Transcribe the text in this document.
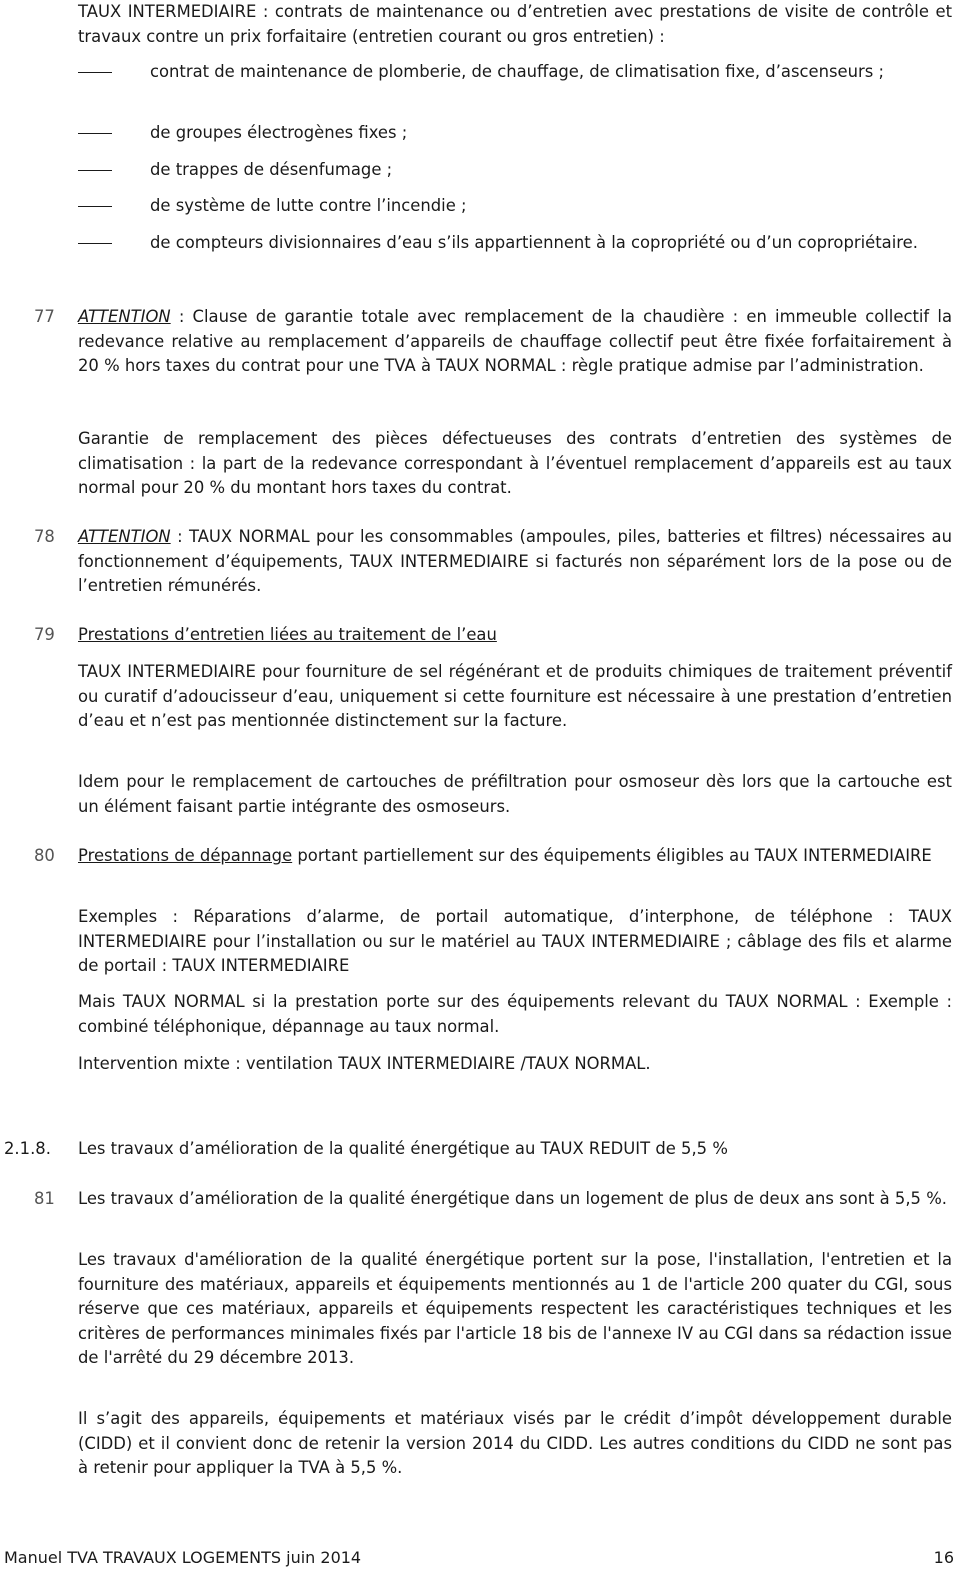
TAUX INTERMEDIAIRE : contrats de maintenance ou d’entretien avec prestations de visite de contrôle et travaux contre un prix forfaitaire (entretien courant ou gros entretien) :
contrat de maintenance de plomberie, de chauffage, de climatisation fixe, d’ascenseurs ;
de groupes électrogènes fixes ;
de trappes de désenfumage ;
de système de lutte contre l’incendie ;
de compteurs divisionnaires d’eau s’ils appartiennent à la copropriété ou d’un copropriétaire.
77 ATTENTION : Clause de garantie totale avec remplacement de la chaudière : en immeuble collectif la redevance relative au remplacement d’appareils de chauffage collectif peut être fixée forfaitairement à 20 % hors taxes du contrat pour une TVA à TAUX NORMAL : règle pratique admise par l’administration.
Garantie de remplacement des pièces défectueuses des contrats d’entretien des systèmes de climatisation : la part de la redevance correspondant à l’éventuel remplacement d’appareils est au taux normal pour 20 % du montant hors taxes du contrat.
78 ATTENTION : TAUX NORMAL pour les consommables (ampoules, piles, batteries et filtres) nécessaires au fonctionnement d’équipements, TAUX INTERMEDIAIRE si facturés non séparément lors de la pose ou de l’entretien rémunérés.
79 Prestations d’entretien liées au traitement de l’eau
TAUX INTERMEDIAIRE pour fourniture de sel régénérant et de produits chimiques de traitement préventif ou curatif d’adoucisseur d’eau, uniquement si cette fourniture est nécessaire à une prestation d’entretien d’eau et n’est pas mentionnée distinctement sur la facture.
Idem pour le remplacement de cartouches de préfiltration pour osmoseur dès lors que la cartouche est un élément faisant partie intégrante des osmoseurs.
80 Prestations de dépannage portant partiellement sur des équipements éligibles au TAUX INTERMEDIAIRE
Exemples : Réparations d’alarme, de portail automatique, d’interphone, de téléphone : TAUX INTERMEDIAIRE pour l’installation ou sur le matériel au TAUX INTERMEDIAIRE ; câblage des fils et alarme de portail : TAUX INTERMEDIAIRE
Mais TAUX NORMAL si la prestation porte sur des équipements relevant du TAUX NORMAL : Exemple : combiné téléphonique, dépannage au taux normal.
Intervention mixte : ventilation TAUX INTERMEDIAIRE /TAUX NORMAL.
2.1.8. Les travaux d’amélioration de la qualité énergétique au TAUX REDUIT de 5,5 %
81 Les travaux d’amélioration de la qualité énergétique dans un logement de plus de deux ans sont à 5,5 %.
Les travaux d'amélioration de la qualité énergétique portent sur la pose, l'installation, l'entretien et la fourniture des matériaux, appareils et équipements mentionnés au 1 de l'article 200 quater du CGI, sous réserve que ces matériaux, appareils et équipements respectent les caractéristiques techniques et les critères de performances minimales fixés par l'article 18 bis de l'annexe IV au CGI dans sa rédaction issue de l'arrêté du 29 décembre 2013.
Il s’agit des appareils, équipements et matériaux visés par le crédit d’impôt développement durable (CIDD) et il convient donc de retenir la version 2014 du CIDD. Les autres conditions du CIDD ne sont pas à retenir pour appliquer la TVA à 5,5 %.
Manuel TVA TRAVAUX LOGEMENTS juin 2014	16
